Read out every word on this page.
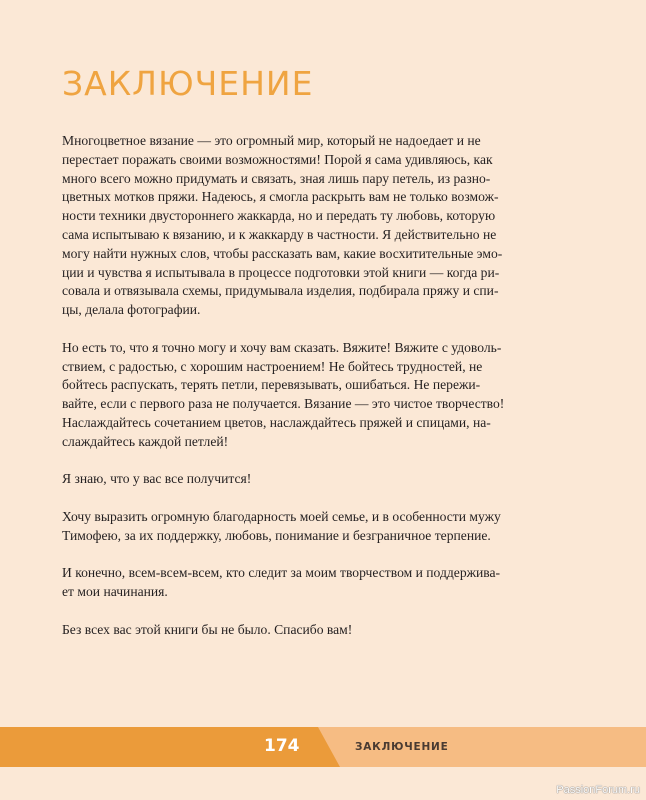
ЗАКЛЮЧЕНИЕ
Многоцветное вязание — это огромный мир, который не надоедает и не
перестает поражать своими возможностями! Порой я сама удивляюсь, как
много всего можно придумать и связать, зная лишь пару петель, из разно-
цветных мотков пряжи. Надеюсь, я смогла раскрыть вам не только возмож-
ности техники двустороннего жаккарда, но и передать ту любовь, которую
сама испытываю к вязанию, и к жаккарду в частности. Я действительно не
могу найти нужных слов, чтобы рассказать вам, какие восхитительные эмо-
ции и чувства я испытывала в процессе подготовки этой книги — когда ри-
совала и отвязывала схемы, придумывала изделия, подбирала пряжу и спи-
цы, делала фотографии.
Но есть то, что я точно могу и хочу вам сказать. Вяжите! Вяжите с удоволь-
ствием, с радостью, с хорошим настроением! Не бойтесь трудностей, не
бойтесь распускать, терять петли, перевязывать, ошибаться. Не пережи-
вайте, если с первого раза не получается. Вязание — это чистое творчество!
Наслаждайтесь сочетанием цветов, наслаждайтесь пряжей и спицами, на-
слаждайтесь каждой петлей!
Я знаю, что у вас все получится!
Хочу выразить огромную благодарность моей семье, и в особенности мужу
Тимофею, за их поддержку, любовь, понимание и безграничное терпение.
И конечно, всем-всем-всем, кто следит за моим творчеством и поддержива-
ет мои начинания.
Без всех вас этой книги бы не было. Спасибо вам!
174	ЗАКЛЮЧЕНИЕ
PassionForum.ru
